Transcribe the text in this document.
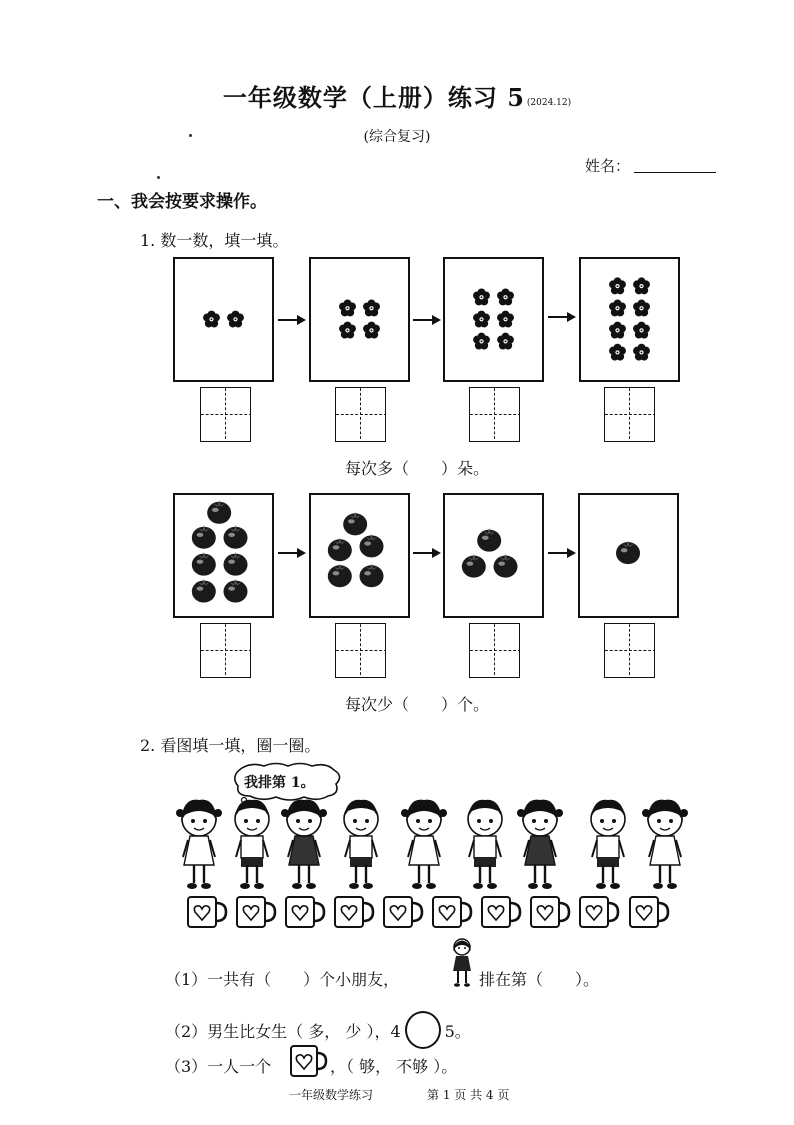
一年级数学（上册）练习 5 (2024.12)
(综合复习)
姓名：
一、我会按要求操作。
1. 数一数，填一填。
每次多（　　）朵。
每次少（　　）个。
2. 看图填一填，圈一圈。
我排第 1。
（1）一共有（　　）个小朋友，	排在第（　　）。
（2）男生比女生（ 多， 少 ），4	5。
（3）一人一个	，（ 够， 不够 ）。
一年级数学练习	第 1 页 共 4 页
